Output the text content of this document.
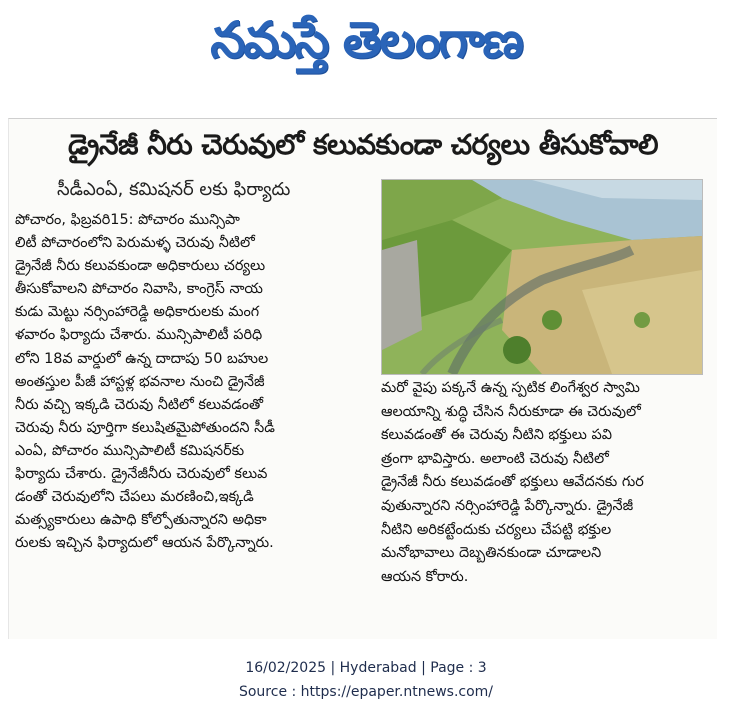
నమస్తే తెలంగాణ
డ్రైనేజీ నీరు చెరువులో కలువకుండా చర్యలు తీసుకోవాలి
సీడీఎంఏ, కమిషనర్ లకు ఫిర్యాదు
పోచారం, ఫిబ్రవరి15: పోచారం మున్సిపా
లిటీ పోచారంలోని పెరుమళ్ళ చెరువు నీటిలో
డ్రైనేజీ నీరు కలువకుండా అధికారులు చర్యలు
తీసుకోవాలని పోచారం నివాసి, కాంగ్రెస్ నాయ
కుడు మెట్టు నర్సింహారెడ్డి అధికారులకు మంగ
ళవారం ఫిర్యాదు చేశారు. మున్సిపాలిటీ పరిధి
లోని 18వ వార్డులో ఉన్న దాదాపు 50 బహుల
అంతస్తుల పీజీ హాస్టళ్ల భవనాల నుంచి డ్రైనేజీ
నీరు వచ్చి ఇక్కడి చెరువు నీటిలో కలువడంతో
చెరువు నీరు పూర్తిగా కలుషితమైపోతుందని సీడీ
ఎంఏ, పోచారం మున్సిపాలిటీ కమిషనర్‌కు
ఫిర్యాదు చేశారు. డ్రైనేజీనీరు చెరువులో కలువ
డంతో చెరువులోని చేపలు మరణించి,ఇక్కడి
మత్స్యకారులు ఉపాధి కోల్పోతున్నారని అధికా
రులకు ఇచ్చిన ఫిర్యాదులో ఆయన పేర్కొన్నారు.
మరో వైపు పక్కనే ఉన్న స్పటిక లింగేశ్వర స్వామి
ఆలయాన్ని శుద్ధి చేసిన నీరుకూడా ఈ చెరువులో
కలువడంతో ఈ చెరువు నీటిని భక్తులు పవి
త్రంగా భావిస్తారు. అలాంటి చెరువు నీటిలో
డ్రైనేజీ నీరు కలువడంతో భక్తులు ఆవేదనకు గుర
వుతున్నారని నర్సింహారెడ్డి పేర్కొన్నారు. డ్రైనేజీ
నీటిని అరికట్టేందుకు చర్యలు చేపట్టి భక్తుల
మనోభావాలు దెబ్బతినకుండా చూడాలని
ఆయన కోరారు.
16/02/2025 | Hyderabad | Page : 3
Source : https://epaper.ntnews.com/
